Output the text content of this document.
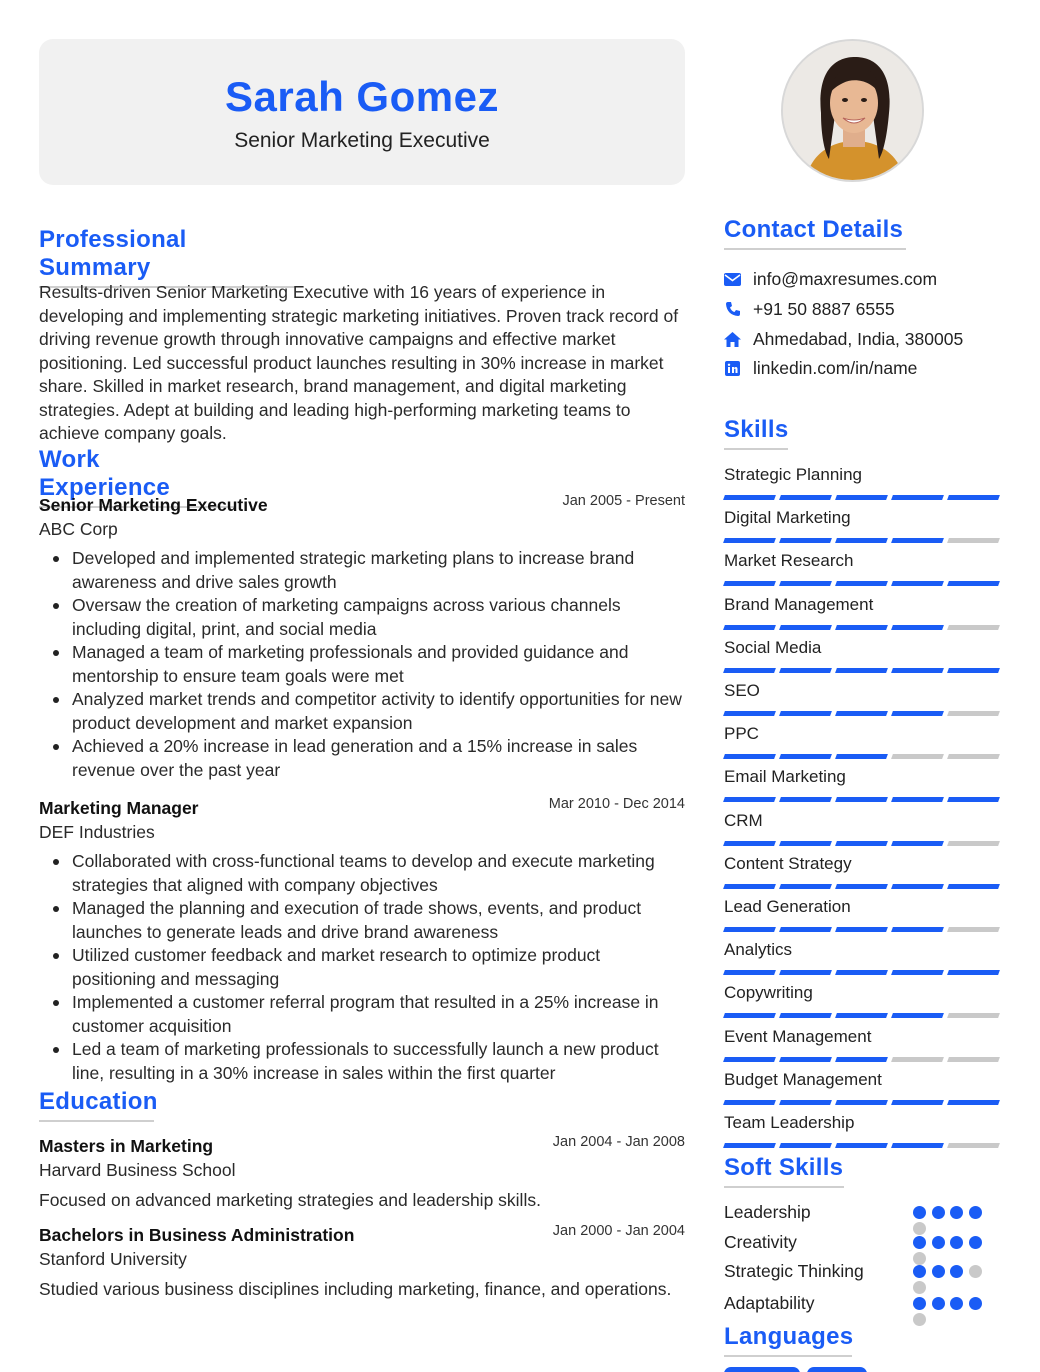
Sarah Gomez
Senior Marketing Executive
Professional Summary
Results-driven Senior Marketing Executive with 16 years of experience in developing and implementing strategic marketing initiatives. Proven track record of driving revenue growth through innovative campaigns and effective market positioning. Led successful product launches resulting in 30% increase in market share. Skilled in market research, brand management, and digital marketing strategies. Adept at building and leading high-performing marketing teams to achieve company goals.
Work Experience
Senior Marketing Executive	Jan 2005 - Present
ABC Corp
Developed and implemented strategic marketing plans to increase brand awareness and drive sales growth
Oversaw the creation of marketing campaigns across various channels including digital, print, and social media
Managed a team of marketing professionals and provided guidance and mentorship to ensure team goals were met
Analyzed market trends and competitor activity to identify opportunities for new product development and market expansion
Achieved a 20% increase in lead generation and a 15% increase in sales revenue over the past year
Marketing Manager	Mar 2010 - Dec 2014
DEF Industries
Collaborated with cross-functional teams to develop and execute marketing strategies that aligned with company objectives
Managed the planning and execution of trade shows, events, and product launches to generate leads and drive brand awareness
Utilized customer feedback and market research to optimize product positioning and messaging
Implemented a customer referral program that resulted in a 25% increase in customer acquisition
Led a team of marketing professionals to successfully launch a new product line, resulting in a 30% increase in sales within the first quarter
Education
Masters in Marketing	Jan 2004 - Jan 2008
Harvard Business School
Focused on advanced marketing strategies and leadership skills.
Bachelors in Business Administration	Jan 2000 - Jan 2004
Stanford University
Studied various business disciplines including marketing, finance, and operations.
Contact Details
info@maxresumes.com
+91 50 8887 6555
Ahmedabad, India, 380005
linkedin.com/in/name
Skills
Strategic Planning
Digital Marketing
Market Research
Brand Management
Social Media
SEO
PPC
Email Marketing
CRM
Content Strategy
Lead Generation
Analytics
Copywriting
Event Management
Budget Management
Team Leadership
Soft Skills
Leadership
Creativity
Strategic Thinking
Adaptability
Languages
